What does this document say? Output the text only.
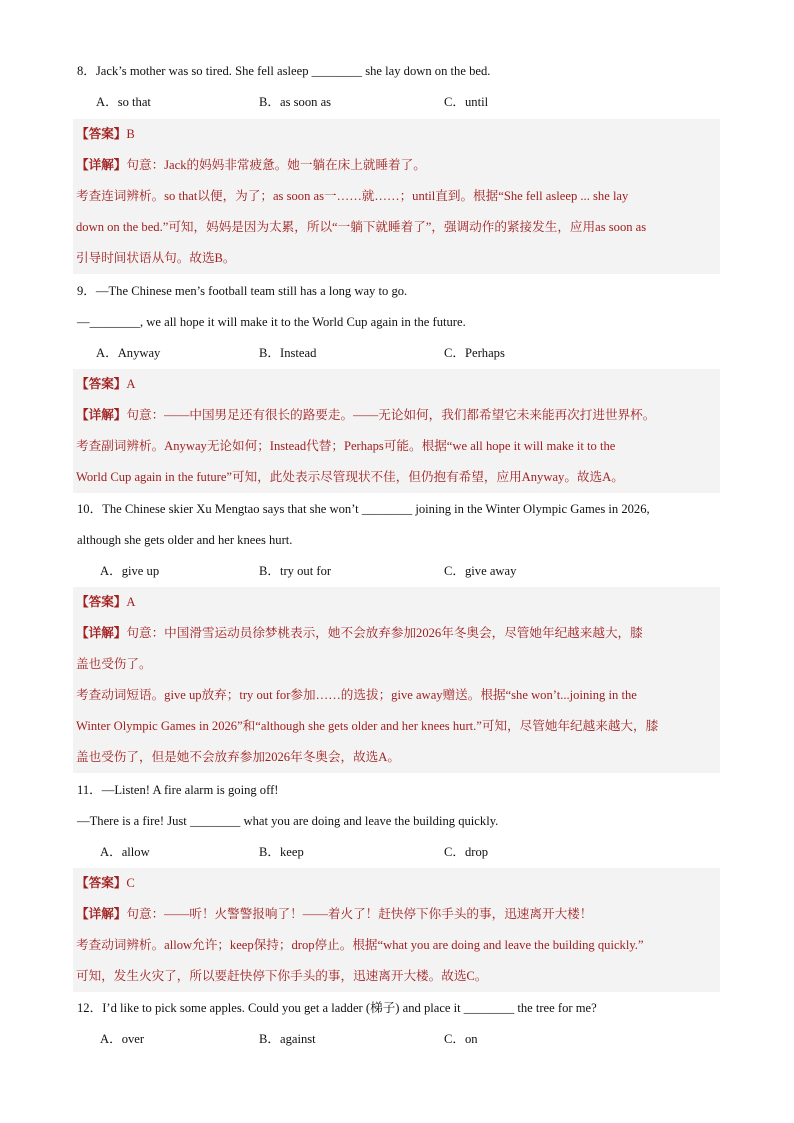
8．Jack’s mother was so tired. She fell asleep ________ she lay down on the bed.
A．so that	B．as soon as	C．until
【答案】B
【详解】句意：Jack的妈妈非常疲惫。她一躺在床上就睡着了。
考查连词辨析。so that以便，为了；as soon as一……就……；until直到。根据“She fell asleep ... she lay
down on the bed.”可知，妈妈是因为太累，所以“一躺下就睡着了”，强调动作的紧接发生，应用as soon as
引导时间状语从句。故选B。
9．—The Chinese men’s football team still has a long way to go.
—________, we all hope it will make it to the World Cup again in the future.
A．Anyway	B．Instead	C．Perhaps
【答案】A
【详解】句意：——中国男足还有很长的路要走。——无论如何，我们都希望它未来能再次打进世界杯。
考查副词辨析。Anyway无论如何；Instead代替；Perhaps可能。根据“we all hope it will make it to the
World Cup again in the future”可知，此处表示尽管现状不佳，但仍抱有希望，应用Anyway。故选A。
10．The Chinese skier Xu Mengtao says that she won’t ________ joining in the Winter Olympic Games in 2026,
although she gets older and her knees hurt.
A．give up	B．try out for	C．give away
【答案】A
【详解】句意：中国滑雪运动员徐梦桃表示，她不会放弃参加2026年冬奥会，尽管她年纪越来越大，膝
盖也受伤了。
考查动词短语。give up放弃；try out for参加……的选拔；give away赠送。根据“she won’t...joining in the
Winter Olympic Games in 2026”和“although she gets older and her knees hurt.”可知，尽管她年纪越来越大，膝
盖也受伤了，但是她不会放弃参加2026年冬奥会，故选A。
11．—Listen! A fire alarm is going off!
—There is a fire! Just ________ what you are doing and leave the building quickly.
A．allow	B．keep	C．drop
【答案】C
【详解】句意：——听！火警警报响了！——着火了！赶快停下你手头的事，迅速离开大楼！
考查动词辨析。allow允许；keep保持；drop停止。根据“what you are doing and leave the building quickly.”
可知，发生火灾了，所以要赶快停下你手头的事，迅速离开大楼。故选C。
12．I’d like to pick some apples. Could you get a ladder (梯子) and place it ________ the tree for me?
A．over	B．against	C．on
